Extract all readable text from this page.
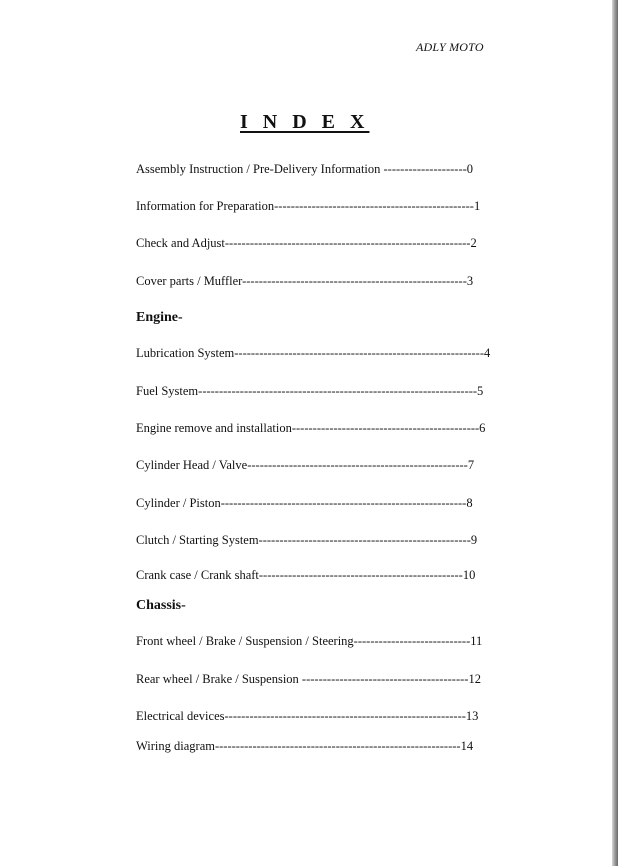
ADLY MOTO
I N D E X
Assembly Instruction / Pre-Delivery Information --------------------0
Information for Preparation------------------------------------------------1
Check and Adjust-----------------------------------------------------------2
Cover parts / Muffler------------------------------------------------------3
Engine-
Lubrication System------------------------------------------------------------4
Fuel System-------------------------------------------------------------------5
Engine remove and installation---------------------------------------------6
Cylinder Head / Valve-----------------------------------------------------7
Cylinder / Piston-----------------------------------------------------------8
Clutch / Starting System---------------------------------------------------9
Crank case / Crank shaft-------------------------------------------------10
Chassis-
Front wheel / Brake / Suspension / Steering----------------------------11
Rear wheel / Brake / Suspension ----------------------------------------12
Electrical devices----------------------------------------------------------13
Wiring diagram-----------------------------------------------------------14
